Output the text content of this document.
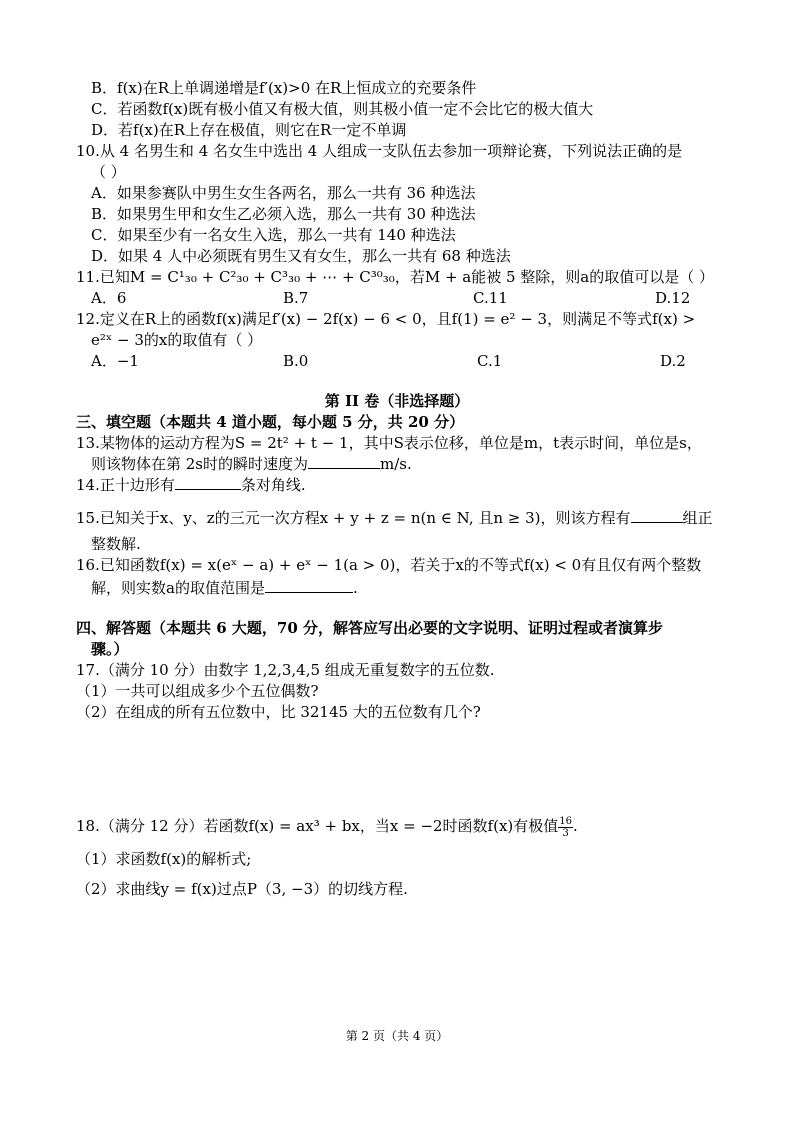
B．f(x)在R上单调递增是f′(x)>0 在R上恒成立的充要条件
C．若函数f(x)既有极小值又有极大值，则其极小值一定不会比它的极大值大
D．若f(x)在R上存在极值，则它在R一定不单调
10.从 4 名男生和 4 名女生中选出 4 人组成一支队伍去参加一项辩论赛，下列说法正确的是
（ ）
A．如果参赛队中男生女生各两名，那么一共有 36 种选法
B．如果男生甲和女生乙必须入选，那么一共有 30 种选法
C．如果至少有一名女生入选，那么一共有 140 种选法
D．如果 4 人中必须既有男生又有女生，那么一共有 68 种选法
11.已知M = C¹₃₀ + C²₃₀ + C³₃₀ + ⋯ + C³⁰₃₀，若M + a能被 5 整除，则a的取值可以是（ ）
A．6	B.7	C.11	D.12
12.定义在R上的函数f(x)满足f′(x) − 2f(x) − 6 < 0，且f(1) = e² − 3，则满足不等式f(x) >
e²ˣ − 3的x的取值有（ ）
A．−1	B.0	C.1	D.2
第 II 卷（非选择题）
三、填空题（本题共 4 道小题，每小题 5 分，共 20 分）
13.某物体的运动方程为S = 2t² + t − 1，其中S表示位移，单位是m，t表示时间，单位是s，
则该物体在第 2s时的瞬时速度为	m/s.
14.正十边形有	条对角线.
15.已知关于x、y、z的三元一次方程x + y + z = n(n ∈ N, 且n ≥ 3)，则该方程有	组正
整数解.
16.已知函数f(x) = x(eˣ − a) + eˣ − 1(a > 0)，若关于x的不等式f(x) < 0有且仅有两个整数
解，则实数a的取值范围是	.
四、解答题（本题共 6 大题，70 分，解答应写出必要的文字说明、证明过程或者演算步
骤。）
17.（满分 10 分）由数字 1,2,3,4,5 组成无重复数字的五位数.
（1）一共可以组成多少个五位偶数?
（2）在组成的所有五位数中，比 32145 大的五位数有几个?
18.（满分 12 分）若函数f(x) = ax³ + bx，当x = −2时函数f(x)有极值 $\frac{16}{3}$ .
（1）求函数f(x)的解析式;
（2）求曲线y = f(x)过点P（3, −3）的切线方程.
第 2 页（共 4 页）
